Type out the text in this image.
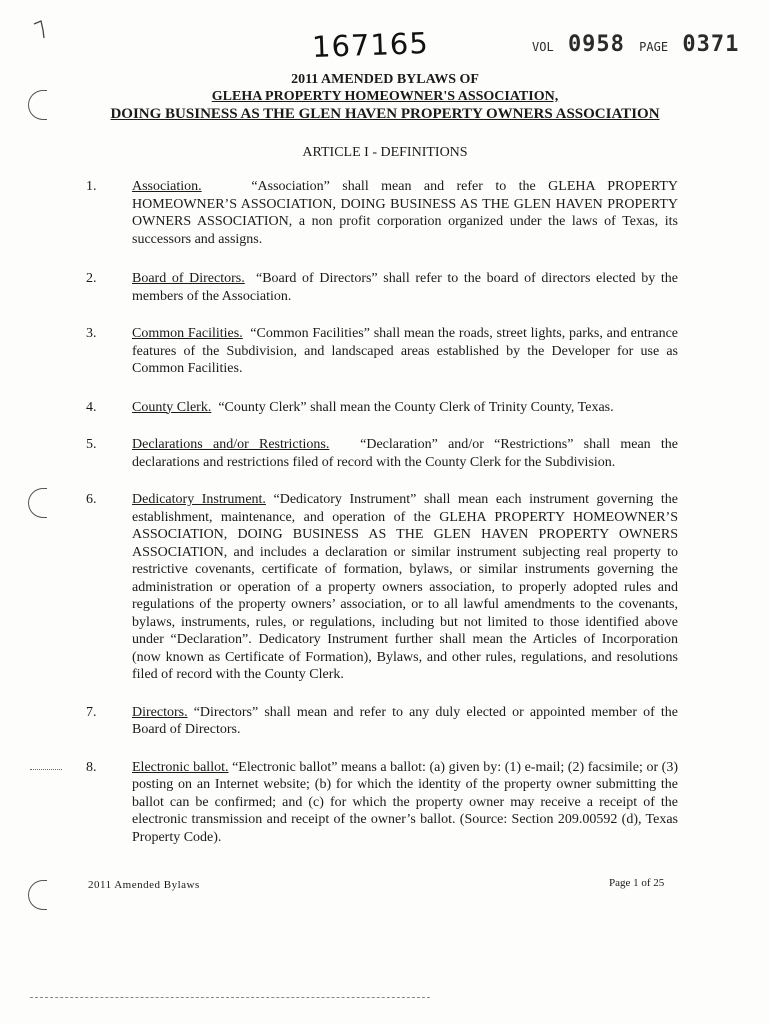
167165	VOL 0958 PAGE 0371
2011 AMENDED BYLAWS OF
GLEHA PROPERTY HOMEOWNER'S ASSOCIATION,
DOING BUSINESS AS THE GLEN HAVEN PROPERTY OWNERS ASSOCIATION
ARTICLE I - DEFINITIONS
1.	Association.	“Association” shall mean and refer to the GLEHA PROPERTY HOMEOWNER’S ASSOCIATION, DOING BUSINESS AS THE GLEN HAVEN PROPERTY OWNERS ASSOCIATION, a non profit corporation organized under the laws of Texas, its successors and assigns.
2.	Board of Directors. “Board of Directors” shall refer to the board of directors elected by the members of the Association.
3.	Common Facilities. “Common Facilities” shall mean the roads, street lights, parks, and entrance features of the Subdivision, and landscaped areas established by the Developer for use as Common Facilities.
4.	County Clerk. “County Clerk” shall mean the County Clerk of Trinity County, Texas.
5.	Declarations and/or Restrictions. “Declaration” and/or “Restrictions” shall mean the declarations and restrictions filed of record with the County Clerk for the Subdivision.
6.	Dedicatory Instrument. “Dedicatory Instrument” shall mean each instrument governing the establishment, maintenance, and operation of the GLEHA PROPERTY HOMEOWNER’S ASSOCIATION, DOING BUSINESS AS THE GLEN HAVEN PROPERTY OWNERS ASSOCIATION, and includes a declaration or similar instrument subjecting real property to restrictive covenants, certificate of formation, bylaws, or similar instruments governing the administration or operation of a property owners association, to properly adopted rules and regulations of the property owners’ association, or to all lawful amendments to the covenants, bylaws, instruments, rules, or regulations, including but not limited to those identified above under “Declaration”. Dedicatory Instrument further shall mean the Articles of Incorporation (now known as Certificate of Formation), Bylaws, and other rules, regulations, and resolutions filed of record with the County Clerk.
7.	Directors. “Directors” shall mean and refer to any duly elected or appointed member of the Board of Directors.
8.	Electronic ballot. “Electronic ballot” means a ballot: (a) given by: (1) e-mail; (2) facsimile; or (3) posting on an Internet website; (b) for which the identity of the property owner submitting the ballot can be confirmed; and (c) for which the property owner may receive a receipt of the electronic transmission and receipt of the owner’s ballot. (Source: Section 209.00592 (d), Texas Property Code).
2011 Amended Bylaws	Page 1 of 25
